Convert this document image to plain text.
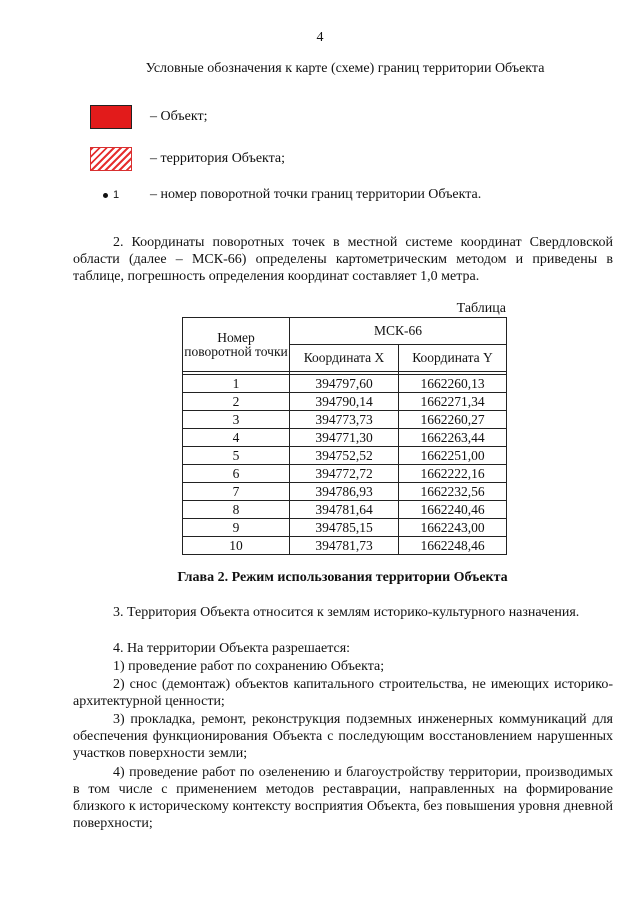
4
Условные обозначения к карте (схеме) границ территории Объекта
– Объект;
– территория Объекта;
1 – номер поворотной точки границ территории Объекта.
2. Координаты поворотных точек в местной системе координат Свердловской области (далее – МСК-66) определены картометрическим методом и приведены в таблице, погрешность определения координат составляет 1,0 метра.
Таблица
Номер поворотной точки	МСК-66	
	Координата X	Координата Y

1	394797,60	1662260,13
2	394790,14	1662271,34
3	394773,73	1662260,27
4	394771,30	1662263,44
5	394752,52	1662251,00
6	394772,72	1662222,16
7	394786,93	1662232,56
8	394781,64	1662240,46
9	394785,15	1662243,00
10	394781,73	1662248,46
Глава 2. Режим использования территории Объекта
3. Территория Объекта относится к землям историко-культурного назначения.
4. На территории Объекта разрешается:
1) проведение работ по сохранению Объекта;
2) снос (демонтаж) объектов капитального строительства, не имеющих историко-архитектурной ценности;
3) прокладка, ремонт, реконструкция подземных инженерных коммуникаций для обеспечения функционирования Объекта с последующим восстановлением нарушенных участков поверхности земли;
4) проведение работ по озеленению и благоустройству территории, производимых в том числе с применением методов реставрации, направленных на формирование близкого к историческому контексту восприятия Объекта, без повышения уровня дневной поверхности;
